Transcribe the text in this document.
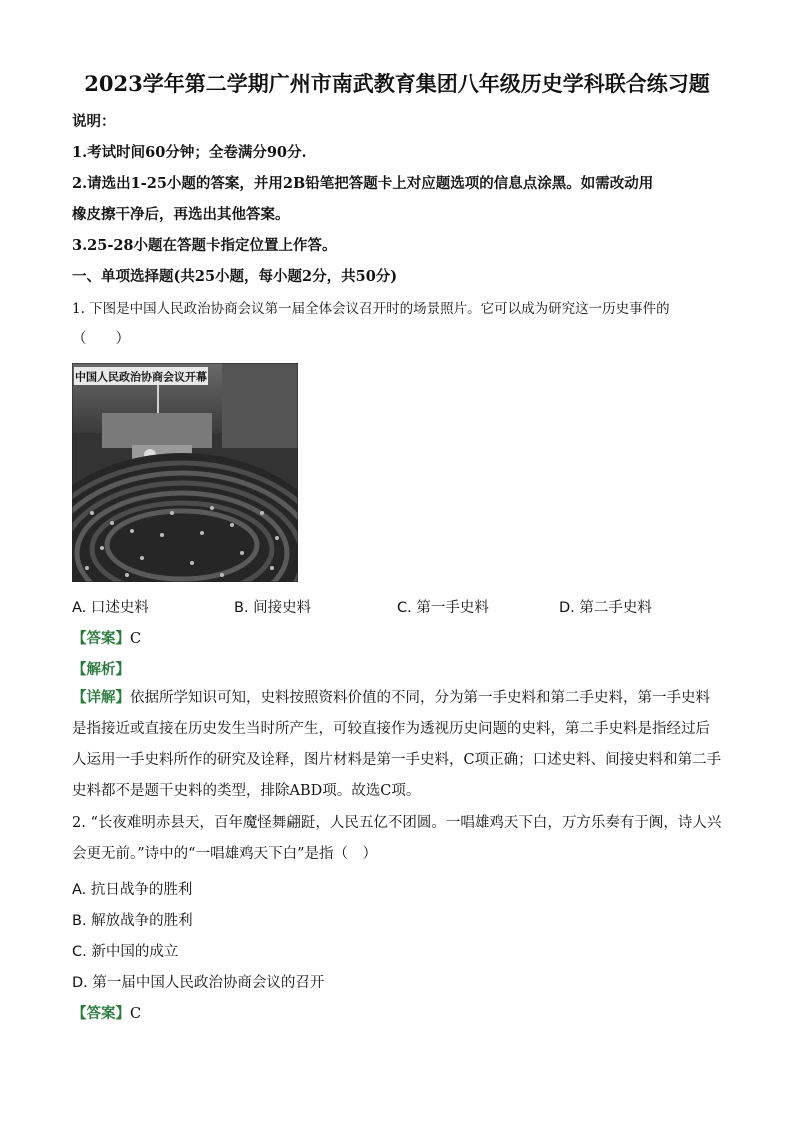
2023学年第二学期广州市南武教育集团八年级历史学科联合练习题
说明：
1.考试时间60分钟；全卷满分90分.
2.请选出1-25小题的答案，并用2B铅笔把答题卡上对应题选项的信息点涂黑。如需改动用
橡皮擦干净后，再选出其他答案。
3.25-28小题在答题卡指定位置上作答。
一、单项选择题(共25小题，每小题2分，共50分)
1. 下图是中国人民政治协商会议第一届全体会议召开时的场景照片。它可以成为研究这一历史事件的
（　　）
中国人民政治协商会议开幕
A. 口述史料	B. 间接史料	C. 第一手史料	D. 第二手史料
【答案】C
【解析】
【详解】依据所学知识可知，史料按照资料价值的不同，分为第一手史料和第二手史料，第一手史料是指接近或直接在历史发生当时所产生，可较直接作为透视历史问题的史料，第二手史料是指经过后人运用一手史料所作的研究及诠释，图片材料是第一手史料，C项正确；口述史料、间接史料和第二手史料都不是题干史料的类型，排除ABD项。故选C项。
2. “长夜难明赤县天，百年魔怪舞翩跹，人民五亿不团圆。一唱雄鸡天下白，万方乐奏有于阗，诗人兴会更无前。”诗中的“一唱雄鸡天下白”是指（　）
A. 抗日战争的胜利
B. 解放战争的胜利
C. 新中国的成立
D. 第一届中国人民政治协商会议的召开
【答案】C
